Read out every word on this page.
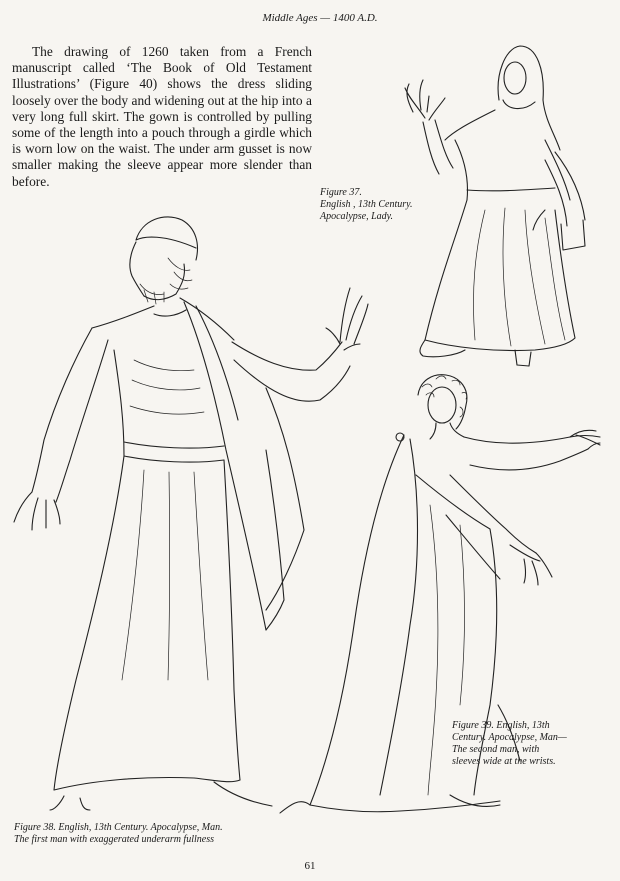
Middle Ages — 1400 A.D.

The drawing of 1260 taken from a French manuscript called ‘The Book of Old Testament Illustrations’ (Figure 40) shows the dress sliding loosely over the body and widening out at the hip into a very long full skirt. The gown is controlled by pulling some of the length into a pouch through a girdle which is worn low on the waist. The under arm gusset is now smaller making the sleeve appear more slender than before.

Figure 37.
English , 13th Century.
Apocalypse, Lady.
Figure 39. English, 13th
Century. Apocalypse, Man—
The second man, with
sleeves wide at the wrists.
Figure 38. English, 13th Century. Apocalypse, Man.
The first man with exaggerated underarm fullness
61
